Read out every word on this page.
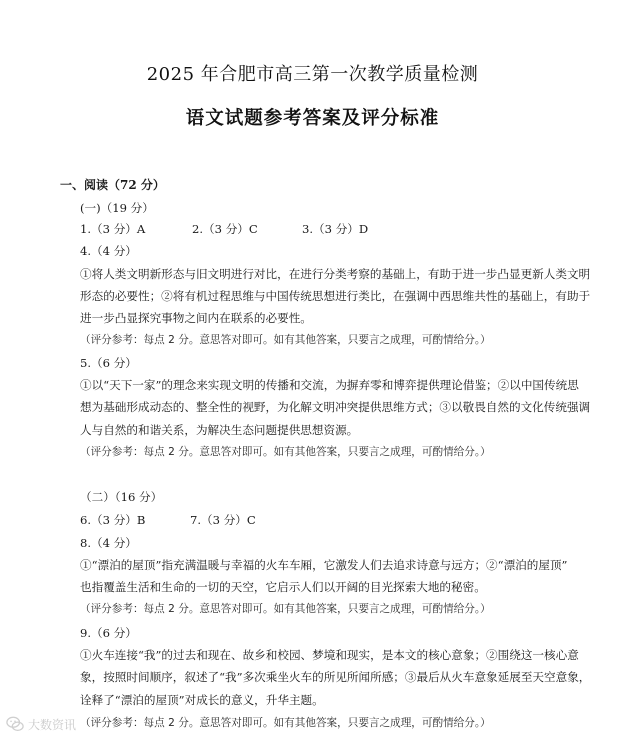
2025 年合肥市高三第一次教学质量检测
语文试题参考答案及评分标准
一、阅读（72 分）
(一)（19 分）
1.（3 分）A	2.（3 分）C	3.（3 分）D
4.（4 分）
①将人类文明新形态与旧文明进行对比，在进行分类考察的基础上，有助于进一步凸显更新人类文明
形态的必要性；②将有机过程思维与中国传统思想进行类比，在强调中西思维共性的基础上，有助于
进一步凸显探究事物之间内在联系的必要性。
（评分参考：每点 2 分。意思答对即可。如有其他答案，只要言之成理，可酌情给分。）
5.（6 分）
①以“天下一家”的理念来实现文明的传播和交流，为摒弃零和博弈提供理论借鉴；②以中国传统思
想为基础形成动态的、整全性的视野，为化解文明冲突提供思维方式；③以敬畏自然的文化传统强调
人与自然的和谐关系，为解决生态问题提供思想资源。
（评分参考：每点 2 分。意思答对即可。如有其他答案，只要言之成理，可酌情给分。）
（二）（16 分）
6.（3 分）B	7.（3 分）C
8.（4 分）
①“漂泊的屋顶”指充满温暖与幸福的火车车厢，它激发人们去追求诗意与远方；②“漂泊的屋顶”
也指覆盖生活和生命的一切的天空，它启示人们以开阔的目光探索大地的秘密。
（评分参考：每点 2 分。意思答对即可。如有其他答案，只要言之成理，可酌情给分。）
9.（6 分）
①火车连接“我”的过去和现在、故乡和校园、梦境和现实，是本文的核心意象；②围绕这一核心意
象，按照时间顺序，叙述了“我”多次乘坐火车的所见所闻所感；③最后从火车意象延展至天空意象，
诠释了“漂泊的屋顶”对成长的意义，升华主题。
（评分参考：每点 2 分。意思答对即可。如有其他答案，只要言之成理，可酌情给分。）
大数资讯
